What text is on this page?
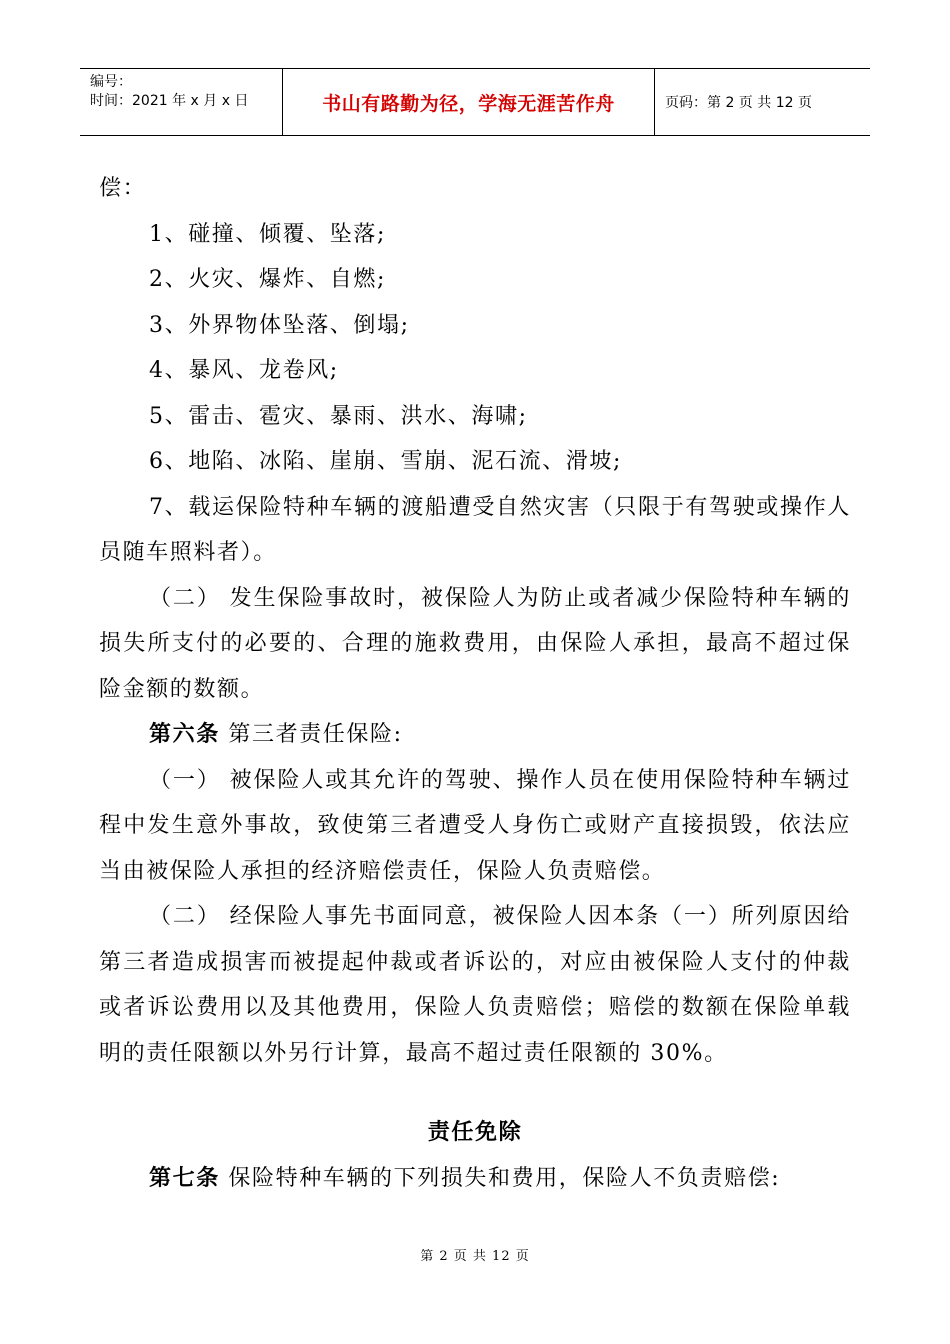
编号：
时间：2021 年 x 月 x 日	书山有路勤为径，学海无涯苦作舟	页码：第 2 页 共 12 页

偿：

1、碰撞、倾覆、坠落;

2、火灾、爆炸、自燃;

3、外界物体坠落、倒塌;

4、暴风、龙卷风;

5、雷击、雹灾、暴雨、洪水、海啸;

6、地陷、冰陷、崖崩、雪崩、泥石流、滑坡;

7、载运保险特种车辆的渡船遭受自然灾害（只限于有驾驶或操作人员随车照料者）。

（二） 发生保险事故时，被保险人为防止或者减少保险特种车辆的损失所支付的必要的、合理的施救费用，由保险人承担，最高不超过保险金额的数额。

第六条 第三者责任保险:

（一） 被保险人或其允许的驾驶、操作人员在使用保险特种车辆过程中发生意外事故，致使第三者遭受人身伤亡或财产直接损毁，依法应当由被保险人承担的经济赔偿责任，保险人负责赔偿。

（二） 经保险人事先书面同意，被保险人因本条（一）所列原因给第三者造成损害而被提起仲裁或者诉讼的，对应由被保险人支付的仲裁或者诉讼费用以及其他费用，保险人负责赔偿；赔偿的数额在保险单载明的责任限额以外另行计算，最高不超过责任限额的 30%。

责任免除

第七条 保险特种车辆的下列损失和费用，保险人不负责赔偿:

第 2 页 共 12 页
